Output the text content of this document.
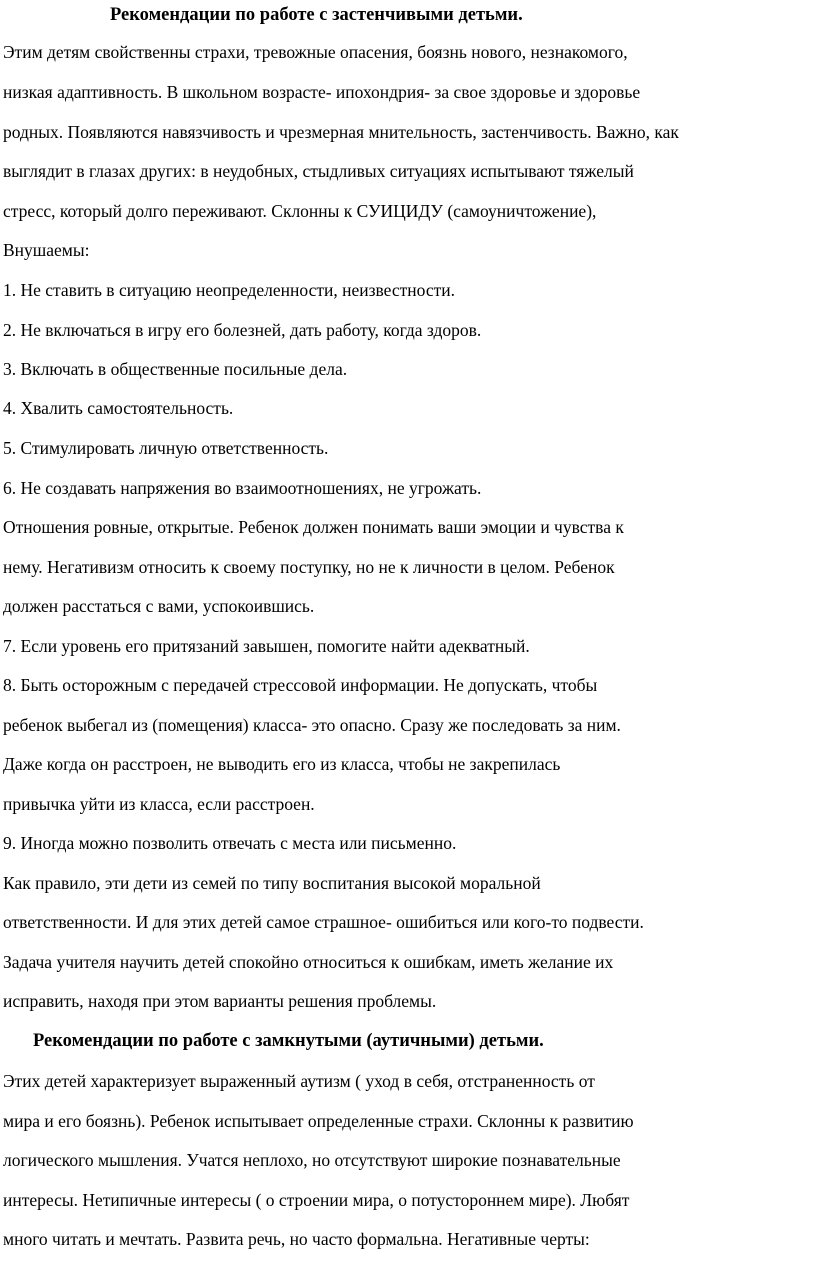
Рекомендации по работе с застенчивыми детьми.
Этим детям свойственны страхи, тревожные опасения, боязнь нового, незнакомого,
низкая адаптивность. В школьном возрасте- ипохондрия- за свое здоровье и здоровье
родных. Появляются навязчивость и чрезмерная мнительность, застенчивость. Важно, как
выглядит в глазах других: в неудобных, стыдливых ситуациях испытывают тяжелый
стресс, который долго переживают. Склонны к СУИЦИДУ (самоуничтожение),
Внушаемы:
1. Не ставить в ситуацию неопределенности, неизвестности.
2. Не включаться в игру его болезней, дать работу, когда здоров.
3. Включать в общественные посильные дела.
4. Хвалить самостоятельность.
5. Стимулировать личную ответственность.
6. Не создавать напряжения во взаимоотношениях, не угрожать.
Отношения ровные, открытые. Ребенок должен понимать ваши эмоции и чувства к
нему. Негативизм относить к своему поступку, но не к личности в целом. Ребенок
должен расстаться с вами, успокоившись.
7. Если уровень его притязаний завышен, помогите найти адекватный.
8. Быть осторожным с передачей стрессовой информации. Не допускать, чтобы
ребенок выбегал из (помещения) класса- это опасно. Сразу же последовать за ним.
Даже когда он расстроен, не выводить его из класса, чтобы не закрепилась
привычка уйти из класса, если расстроен.
9. Иногда можно позволить отвечать с места или письменно.
Как правило, эти дети из семей по типу воспитания высокой моральной
ответственности. И для этих детей самое страшное- ошибиться или кого-то подвести.
Задача учителя научить детей спокойно относиться к ошибкам, иметь желание их
исправить, находя при этом варианты решения проблемы.
Рекомендации по работе с замкнутыми (аутичными) детьми.
Этих детей характеризует выраженный аутизм ( уход в себя, отстраненность от
мира и его боязнь). Ребенок испытывает определенные страхи. Склонны к развитию
логического мышления. Учатся неплохо, но отсутствуют широкие познавательные
интересы. Нетипичные интересы ( о строении мира, о потустороннем мире). Любят
много читать и мечтать. Развита речь, но часто формальна. Негативные черты:
